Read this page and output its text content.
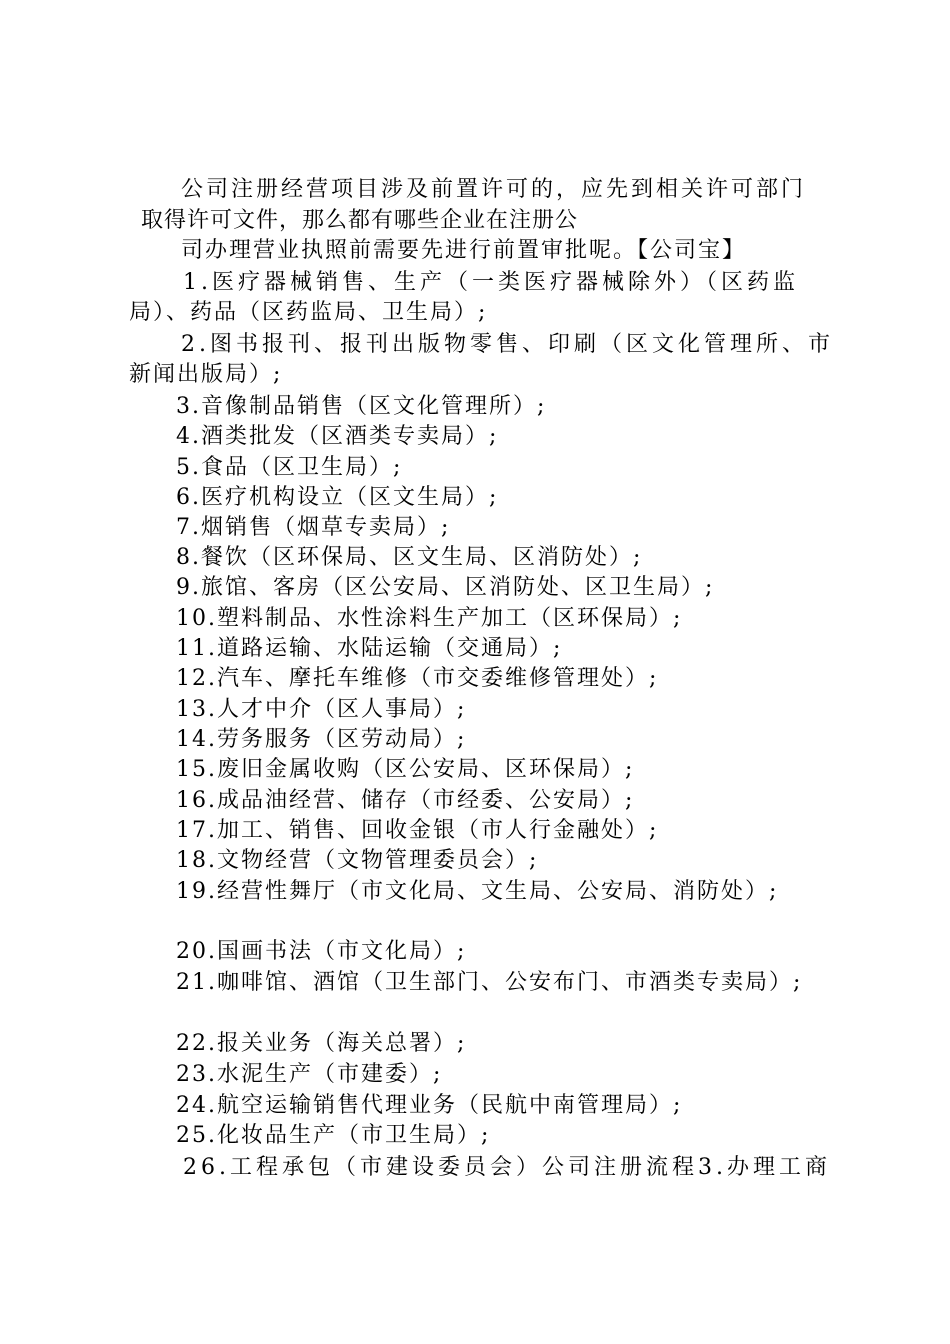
公司注册经营项目涉及前置许可的，应先到相关许可部门
取得许可文件，那么都有哪些企业在注册公
司办理营业执照前需要先进行前置审批呢。【公司宝】
1.医疗器械销售、生产（一类医疗器械除外）（区药监
局）、药品（区药监局、卫生局）;
2.图书报刊、报刊出版物零售、印刷（区文化管理所、市
新闻出版局）;
3.音像制品销售（区文化管理所）;
4.酒类批发（区酒类专卖局）;
5.食品（区卫生局）;
6.医疗机构设立（区文生局）;
7.烟销售（烟草专卖局）;
8.餐饮（区环保局、区文生局、区消防处）;
9.旅馆、客房（区公安局、区消防处、区卫生局）;
10.塑料制品、水性涂料生产加工（区环保局）;
11.道路运输、水陆运输（交通局）;
12.汽车、摩托车维修（市交委维修管理处）;
13.人才中介（区人事局）;
14.劳务服务（区劳动局）;
15.废旧金属收购（区公安局、区环保局）;
16.成品油经营、储存（市经委、公安局）;
17.加工、销售、回收金银（市人行金融处）;
18.文物经营（文物管理委员会）;
19.经营性舞厅（市文化局、文生局、公安局、消防处）;
20.国画书法（市文化局）;
21.咖啡馆、酒馆（卫生部门、公安布门、市酒类专卖局）;
22.报关业务（海关总署）;
23.水泥生产（市建委）;
24.航空运输销售代理业务（民航中南管理局）;
25.化妆品生产（市卫生局）;
26.工程承包（市建设委员会）公司注册流程3.办理工商
